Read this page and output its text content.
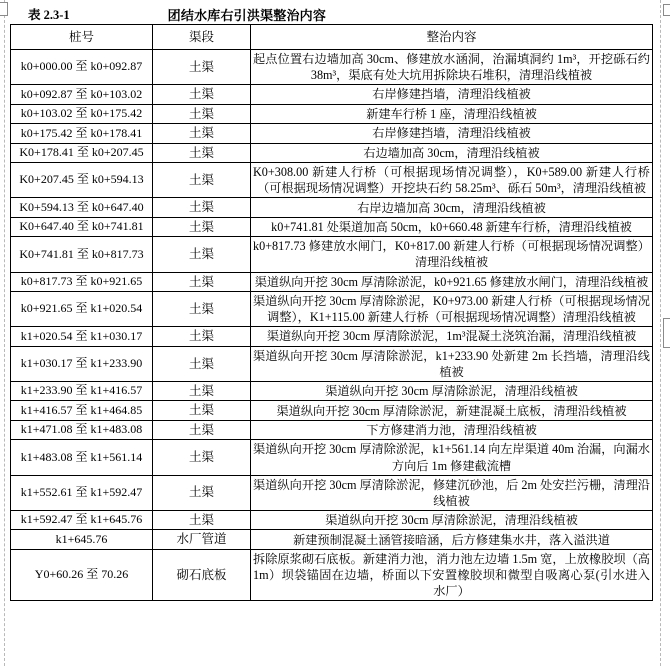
表 2.3-1	团结水库右引洪渠整治内容
桩号	渠段	整治内容
k0+000.00 至 k0+092.87	土渠	起点位置右边墙加高 30cm、修建放水涵洞，治漏填洞约 1m³，开挖砾石约 38m³，渠底有处大坑用拆除块石堆积，清理沿线植被
k0+092.87 至 k0+103.02	土渠	右岸修建挡墙，清理沿线植被
k0+103.02 至 k0+175.42	土渠	新建车行桥 1 座，清理沿线植被
k0+175.42 至 k0+178.41	土渠	右岸修建挡墙，清理沿线植被
K0+178.41 至 k0+207.45	土渠	右边墙加高 30cm，清理沿线植被
K0+207.45 至 k0+594.13	土渠	K0+308.00 新建人行桥（可根据现场情况调整），K0+589.00 新建人行桥（可根据现场情况调整）开挖块石约 58.25m³、砾石 50m³，清理沿线植被
K0+594.13 至 k0+647.40	土渠	右岸边墙加高 30cm，清理沿线植被
K0+647.40 至 k0+741.81	土渠	k0+741.81 处渠道加高 50cm，k0+660.48 新建车行桥，清理沿线植被
K0+741.81 至 k0+817.73	土渠	k0+817.73 修建放水闸门，K0+817.00 新建人行桥（可根据现场情况调整）清理沿线植被
k0+817.73 至 k0+921.65	土渠	渠道纵向开挖 30cm 厚清除淤泥，k0+921.65 修建放水闸门，清理沿线植被
k0+921.65 至 k1+020.54	土渠	渠道纵向开挖 30cm 厚清除淤泥，K0+973.00 新建人行桥（可根据现场情况调整），K1+115.00 新建人行桥（可根据现场情况调整）清理沿线植被
k1+020.54 至 k1+030.17	土渠	渠道纵向开挖 30cm 厚清除淤泥，1m³混凝土浇筑治漏，清理沿线植被
k1+030.17 至 k1+233.90	土渠	渠道纵向开挖 30cm 厚清除淤泥，k1+233.90 处新建 2m 长挡墙，清理沿线植被
k1+233.90 至 k1+416.57	土渠	渠道纵向开挖 30cm 厚清除淤泥，清理沿线植被
k1+416.57 至 k1+464.85	土渠	渠道纵向开挖 30cm 厚清除淤泥，新建混凝土底板，清理沿线植被
k1+471.08 至 k1+483.08	土渠	下方修建消力池，清理沿线植被
k1+483.08 至 k1+561.14	土渠	渠道纵向开挖 30cm 厚清除淤泥，k1+561.14 向左岸渠道 40m 治漏，向漏水方向后 1m 修建截流槽
k1+552.61 至 k1+592.47	土渠	渠道纵向开挖 30cm 厚清除淤泥，修建沉砂池，后 2m 处安拦污栅，清理沿线植被
k1+592.47 至 k1+645.76	土渠	渠道纵向开挖 30cm 厚清除淤泥，清理沿线植被
k1+645.76	水厂管道	新建预制混凝土涵管接暗涵，后方修建集水井，落入溢洪道
Y0+60.26 至 70.26	砌石底板	拆除原浆砌石底板。新建消力池，消力池左边墙 1.5m 宽，上放橡胶坝（高 1m）坝袋锚固在边墙，桥面以下安置橡胶坝和微型自吸离心泵(引水进入水厂）
